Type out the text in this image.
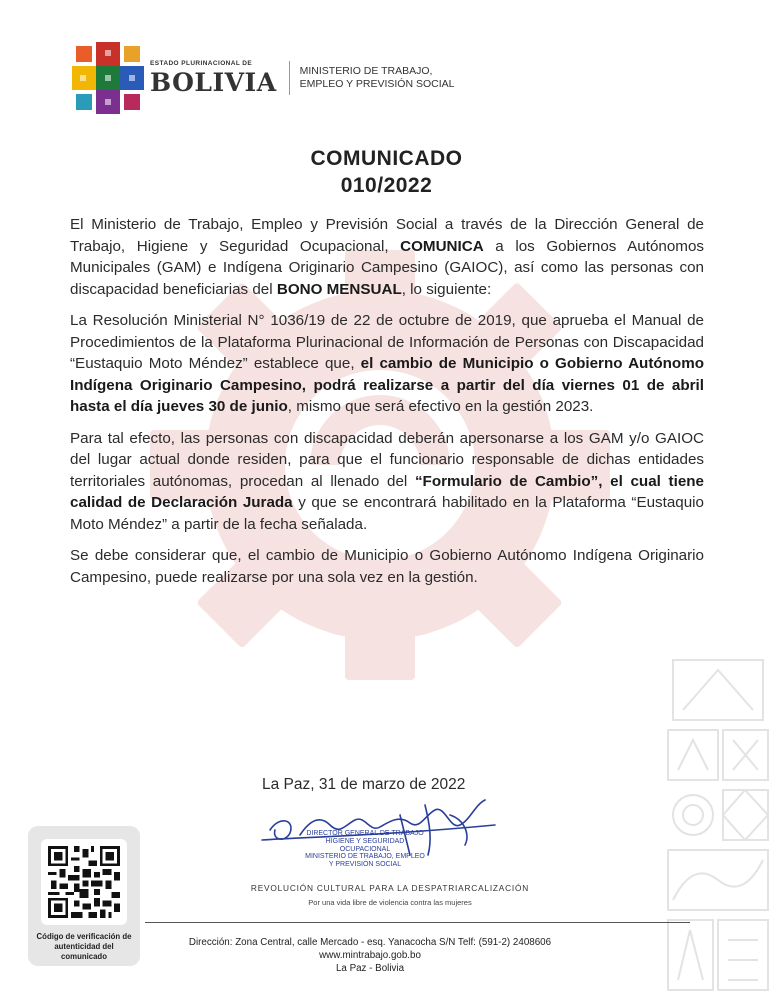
ESTADO PLURINACIONAL DE
BOLIVIA MINISTERIO DE TRABAJO,
EMPLEO Y PREVISIÓN SOCIAL
COMUNICADO
010/2022

El Ministerio de Trabajo, Empleo y Previsión Social a través de la Dirección General de Trabajo, Higiene y Seguridad Ocupacional, COMUNICA a los Gobiernos Autónomos Municipales (GAM) e Indígena Originario Campesino (GAIOC), así como las personas con discapacidad beneficiarias del BONO MENSUAL, lo siguiente:

La Resolución Ministerial N° 1036/19 de 22 de octubre de 2019, que aprueba el Manual de Procedimientos de la Plataforma Plurinacional de Información de Personas con Discapacidad “Eustaquio Moto Méndez” establece que, el cambio de Municipio o Gobierno Autónomo Indígena Originario Campesino, podrá realizarse a partir del día viernes 01 de abril hasta el día jueves 30 de junio, mismo que será efectivo en la gestión 2023.

Para tal efecto, las personas con discapacidad deberán apersonarse a los GAM y/o GAIOC del lugar actual donde residen, para que el funcionario responsable de dichas entidades territoriales autónomas, procedan al llenado del “Formulario de Cambio”, el cual tiene calidad de Declaración Jurada y que se encontrará habilitado en la Plataforma “Eustaquio Moto Méndez” a partir de la fecha señalada.

Se debe considerar que, el cambio de Municipio o Gobierno Autónomo Indígena Originario Campesino, puede realizarse por una sola vez en la gestión.

La Paz, 31 de marzo de 2022
DIRECTOR GENERAL DE TRABAJO
HIGIENE Y SEGURIDAD OCUPACIONAL
MINISTERIO DE TRABAJO, EMPLEO
Y PREVISIÓN SOCIAL
REVOLUCIÓN CULTURAL PARA LA DESPATRIARCALIZACIÓN
Por una vida libre de violencia contra las mujeres
Código de verificación de
autenticidad del comunicado
Dirección: Zona Central, calle Mercado - esq. Yanacocha S/N Telf: (591-2) 2408606
www.mintrabajo.gob.bo
La Paz - Bolivia
